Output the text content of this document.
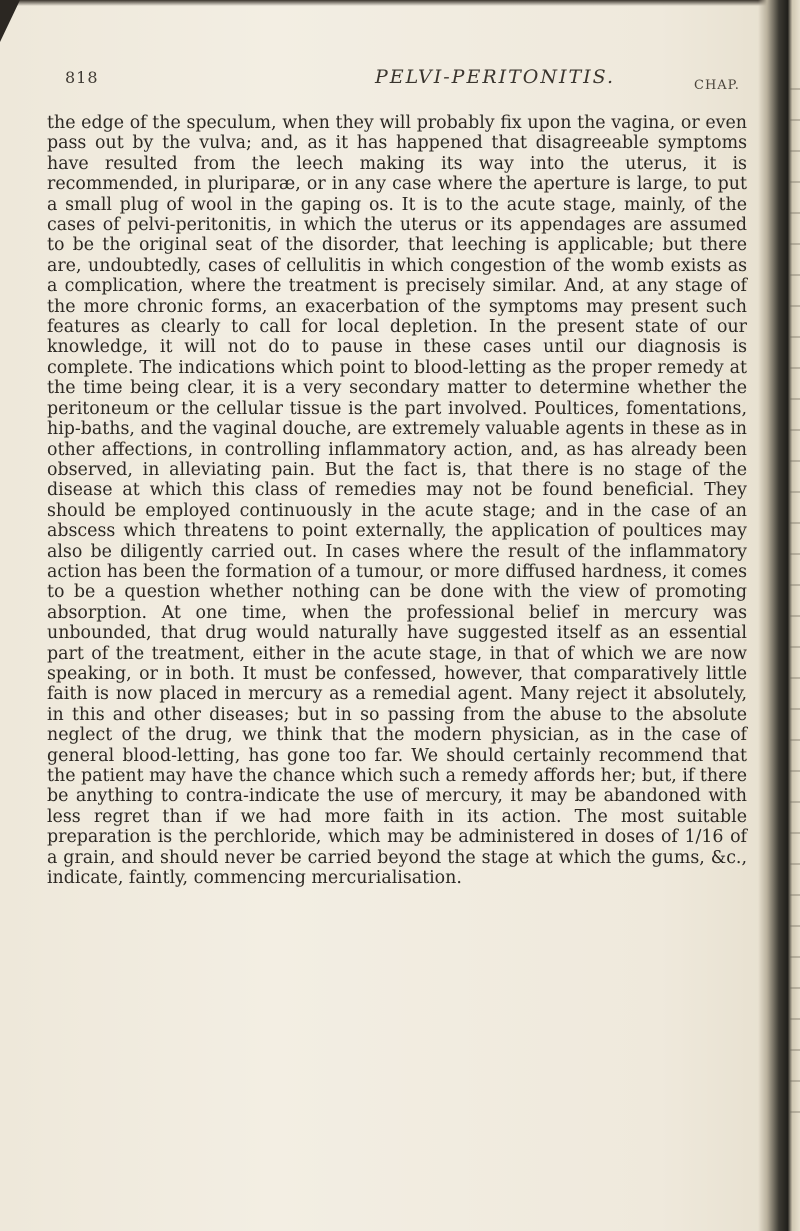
818	PELVI-PERITONITIS.	CHAP.

the edge of the speculum, when they will probably fix upon the vagina, or even pass out by the vulva; and, as it has happened that disagreeable symptoms have resulted from the leech making its way into the uterus, it is recommended, in pluriparæ, or in any case where the aperture is large, to put a small plug of wool in the gaping os. It is to the acute stage, mainly, of the cases of pelvi-peritonitis, in which the uterus or its appendages are assumed to be the original seat of the disorder, that leeching is applicable; but there are, undoubtedly, cases of cellulitis in which congestion of the womb exists as a complication, where the treatment is precisely similar. And, at any stage of the more chronic forms, an exacerbation of the symptoms may present such features as clearly to call for local depletion. In the present state of our knowledge, it will not do to pause in these cases until our diagnosis is complete. The indications which point to blood-letting as the proper remedy at the time being clear, it is a very secondary matter to determine whether the peritoneum or the cellular tissue is the part involved. Poultices, fomentations, hip-baths, and the vaginal douche, are extremely valuable agents in these as in other affections, in controlling inflammatory action, and, as has already been observed, in alleviating pain. But the fact is, that there is no stage of the disease at which this class of remedies may not be found beneficial. They should be employed continuously in the acute stage; and in the case of an abscess which threatens to point externally, the application of poultices may also be diligently carried out. In cases where the result of the inflammatory action has been the formation of a tumour, or more diffused hardness, it comes to be a question whether nothing can be done with the view of promoting absorption. At one time, when the professional belief in mercury was unbounded, that drug would naturally have suggested itself as an essential part of the treatment, either in the acute stage, in that of which we are now speaking, or in both. It must be confessed, however, that comparatively little faith is now placed in mercury as a remedial agent. Many reject it absolutely, in this and other diseases; but in so passing from the abuse to the absolute neglect of the drug, we think that the modern physician, as in the case of general blood-letting, has gone too far. We should certainly recommend that the patient may have the chance which such a remedy affords her; but, if there be anything to contra-indicate the use of mercury, it may be abandoned with less regret than if we had more faith in its action. The most suitable preparation is the perchloride, which may be administered in doses of 1/16 of a grain, and should never be carried beyond the stage at which the gums, &c., indicate, faintly, commencing mercurialisation.
